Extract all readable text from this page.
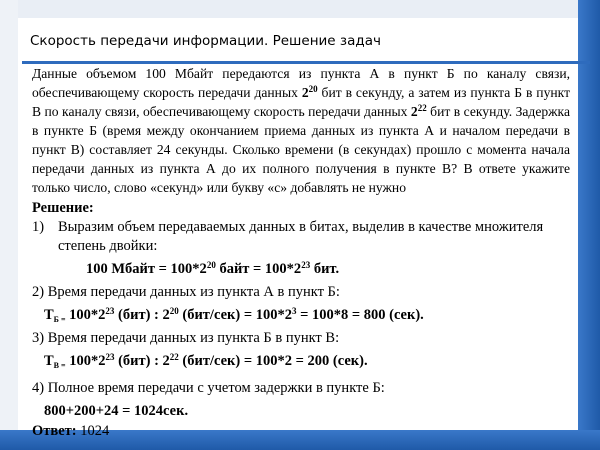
Скорость передачи информации. Решение задач

Данные объемом 100 Мбайт передаются из пункта А в пункт Б по каналу связи, обеспечивающему скорость передачи данных $2^{20}$ бит в секунду, а затем из пункта Б в пункт В по каналу связи, обеспечивающему скорость передачи данных $2^{22}$ бит в секунду. Задержка в пункте Б (время между окончанием приема данных из пункта А и началом передачи в пункт В) составляет 24 секунды. Сколько времени (в секундах) прошло с момента начала передачи данных из пункта А до их полного получения в пункте В? В ответе укажите только число, слово «секунд» или букву «с» добавлять не нужно

Решение:
1) Выразим объем передаваемых данных в битах, выделив в качестве множителя степень двойки:
100 Мбайт = $100*2^{20}$ байт = $100*2^{23}$ бит.
2) Время передачи данных из пункта А в пункт Б:
$T_{Б =}$ $100*2^{23}$ (бит) : $2^{20}$ $(бит/сек) = 100*2^3 = 100*8 = 800$ (сек).
3) Время передачи данных из пункта Б в пункт В:
$T_{В =}$ $100*2^{23}$ (бит) : $2^{22}$ (бит/сек) = 100*2 = 200 (сек).
4) Полное время передачи с учетом задержки в пункте Б:
800+200+24 = 1024сек.
Ответ: 1024
